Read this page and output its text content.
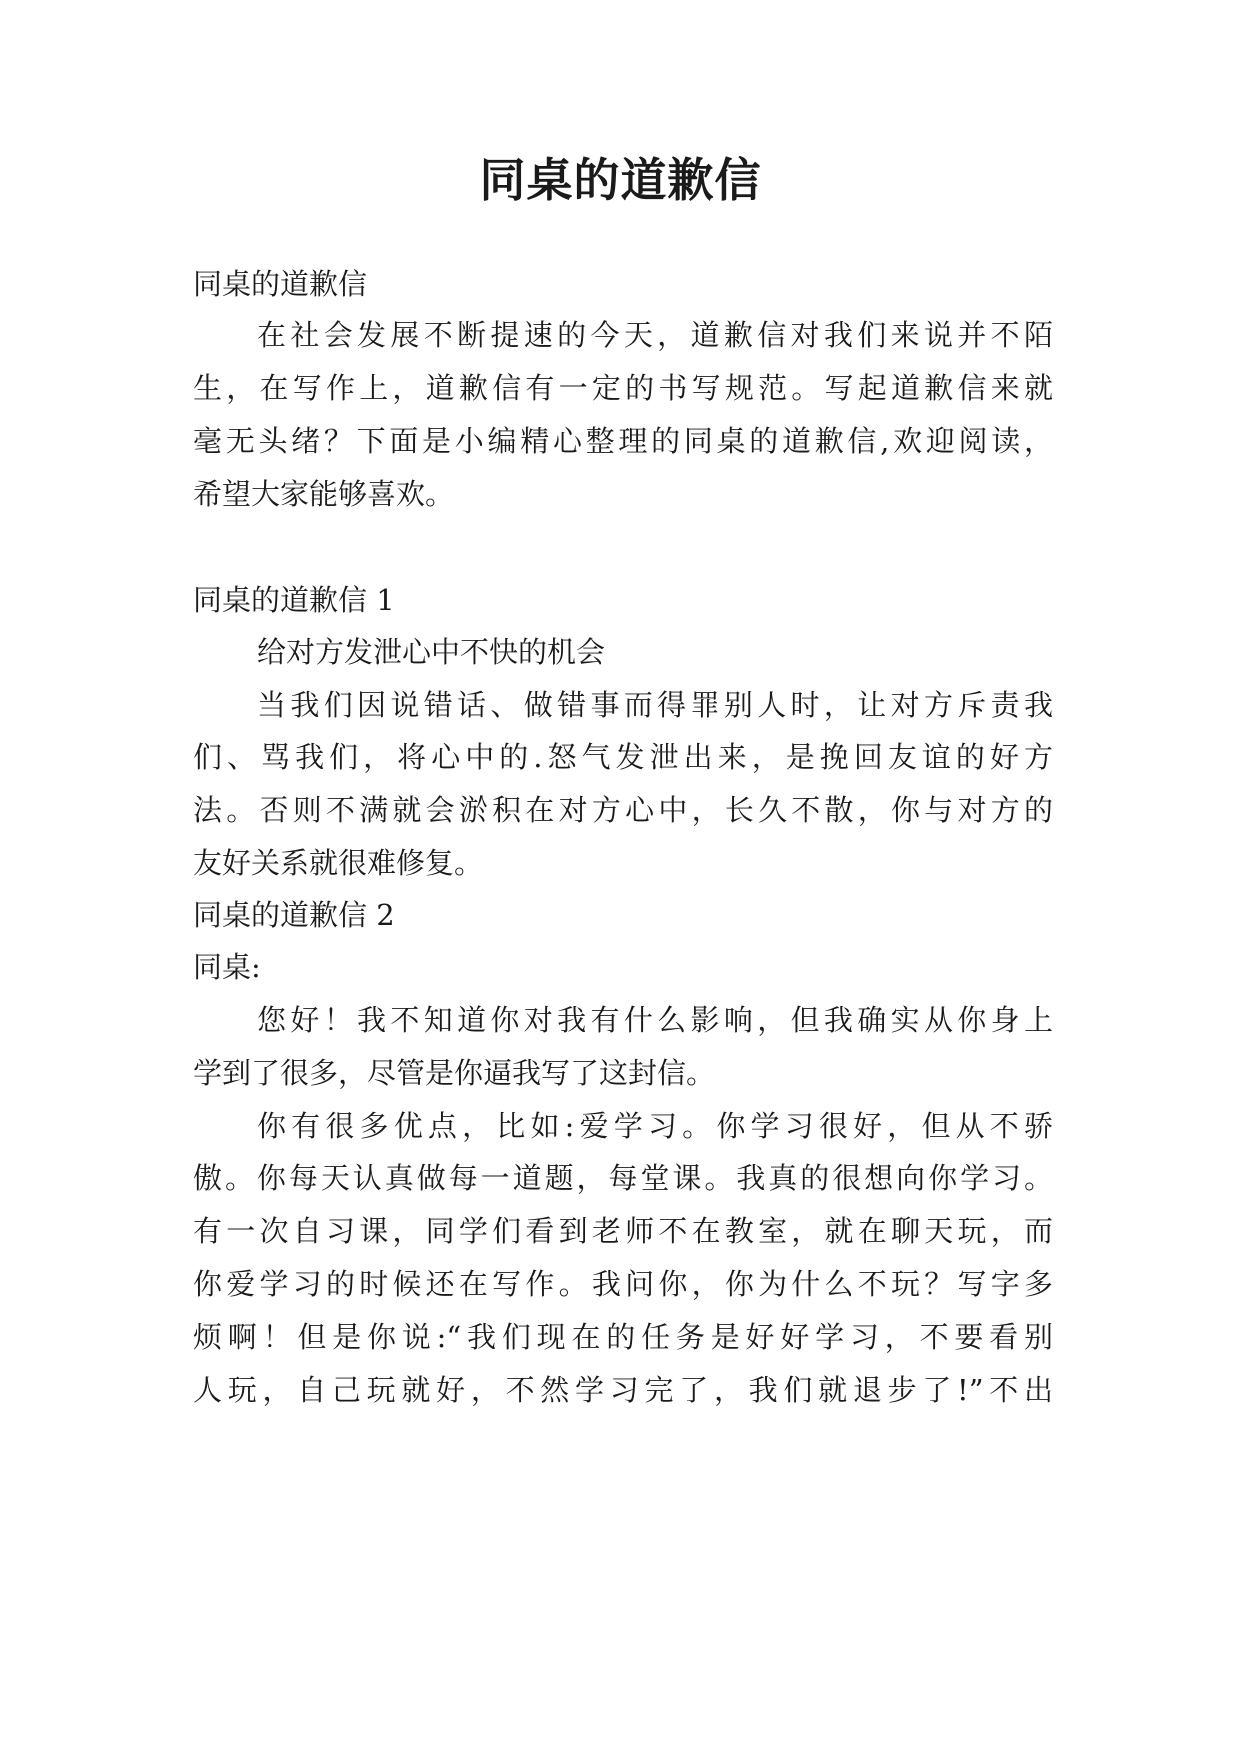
同桌的道歉信
同桌的道歉信
在社会发展不断提速的今天，道歉信对我们来说并不陌
生，在写作上，道歉信有一定的书写规范。写起道歉信来就
毫无头绪？下面是小编精心整理的同桌的道歉信,欢迎阅读，
希望大家能够喜欢。
同桌的道歉信 1
给对方发泄心中不快的机会
当我们因说错话、做错事而得罪别人时，让对方斥责我
们、骂我们，将心中的.怒气发泄出来，是挽回友谊的好方
法。否则不满就会淤积在对方心中，长久不散，你与对方的
友好关系就很难修复。
同桌的道歉信 2
同桌:
您好！我不知道你对我有什么影响，但我确实从你身上
学到了很多，尽管是你逼我写了这封信。
你有很多优点，比如:爱学习。你学习很好，但从不骄
傲。你每天认真做每一道题，每堂课。我真的很想向你学习。
有一次自习课，同学们看到老师不在教室，就在聊天玩，而
你爱学习的时候还在写作。我问你，你为什么不玩？写字多
烦啊！但是你说:“我们现在的任务是好好学习，不要看别
人玩，自己玩就好，不然学习完了，我们就退步了!”不出
